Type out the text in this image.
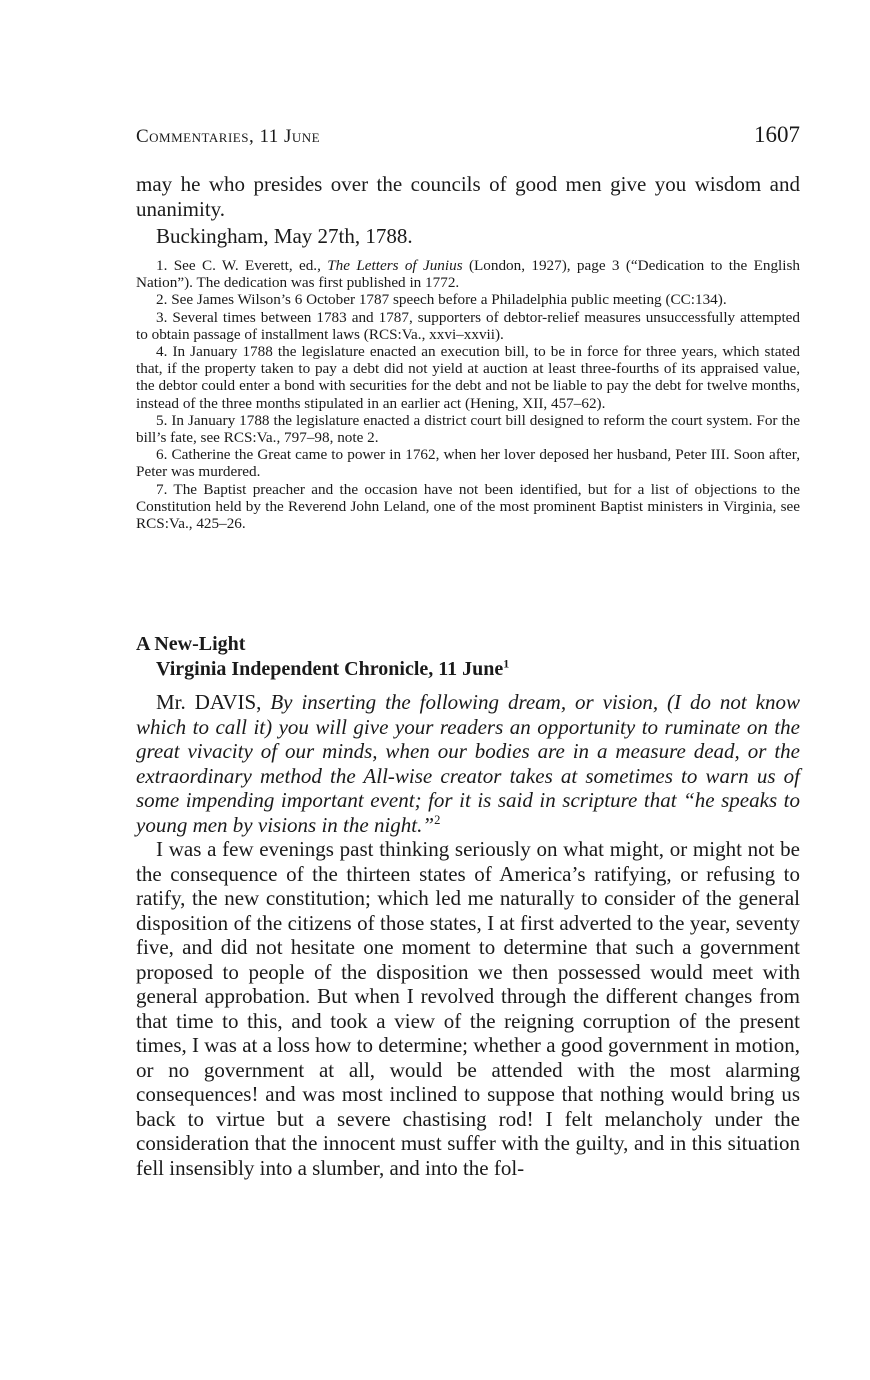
Commentaries, 11 June	1607

may he who presides over the councils of good men give you wisdom and unanimity.

Buckingham, May 27th, 1788.

1. See C. W. Everett, ed., The Letters of Junius (London, 1927), page 3 (“Dedication to the English Nation”). The dedication was first published in 1772.

2. See James Wilson’s 6 October 1787 speech before a Philadelphia public meeting (CC:134).

3. Several times between 1783 and 1787, supporters of debtor-relief measures unsuccessfully attempted to obtain passage of installment laws (RCS:Va., xxvi–xxvii).

4. In January 1788 the legislature enacted an execution bill, to be in force for three years, which stated that, if the property taken to pay a debt did not yield at auction at least three-fourths of its appraised value, the debtor could enter a bond with securities for the debt and not be liable to pay the debt for twelve months, instead of the three months stipulated in an earlier act (Hening, XII, 457–62).

5. In January 1788 the legislature enacted a district court bill designed to reform the court system. For the bill’s fate, see RCS:Va., 797–98, note 2.

6. Catherine the Great came to power in 1762, when her lover deposed her husband, Peter III. Soon after, Peter was murdered.

7. The Baptist preacher and the occasion have not been identified, but for a list of objections to the Constitution held by the Reverend John Leland, one of the most prominent Baptist ministers in Virginia, see RCS:Va., 425–26.

A New-Light
Virginia Independent Chronicle, 11 June$^1$

Mr. DAVIS, By inserting the following dream, or vision, (I do not know which to call it) you will give your readers an opportunity to ruminate on the great vivacity of our minds, when our bodies are in a measure dead, or the extraordinary method the All-wise creator takes at sometimes to warn us of some impending important event; for it is said in scripture that “he speaks to young men by visions in the night.”$^2$

I was a few evenings past thinking seriously on what might, or might not be the consequence of the thirteen states of America’s ratifying, or refusing to ratify, the new constitution; which led me naturally to consider of the general disposition of the citizens of those states, I at first adverted to the year, seventy five, and did not hesitate one moment to determine that such a government proposed to people of the disposition we then possessed would meet with general approbation. But when I revolved through the different changes from that time to this, and took a view of the reigning corruption of the present times, I was at a loss how to determine; whether a good government in motion, or no government at all, would be attended with the most alarming consequences! and was most inclined to suppose that nothing would bring us back to virtue but a severe chastising rod! I felt melancholy under the consideration that the innocent must suffer with the guilty, and in this situation fell insensibly into a slumber, and into the fol-
